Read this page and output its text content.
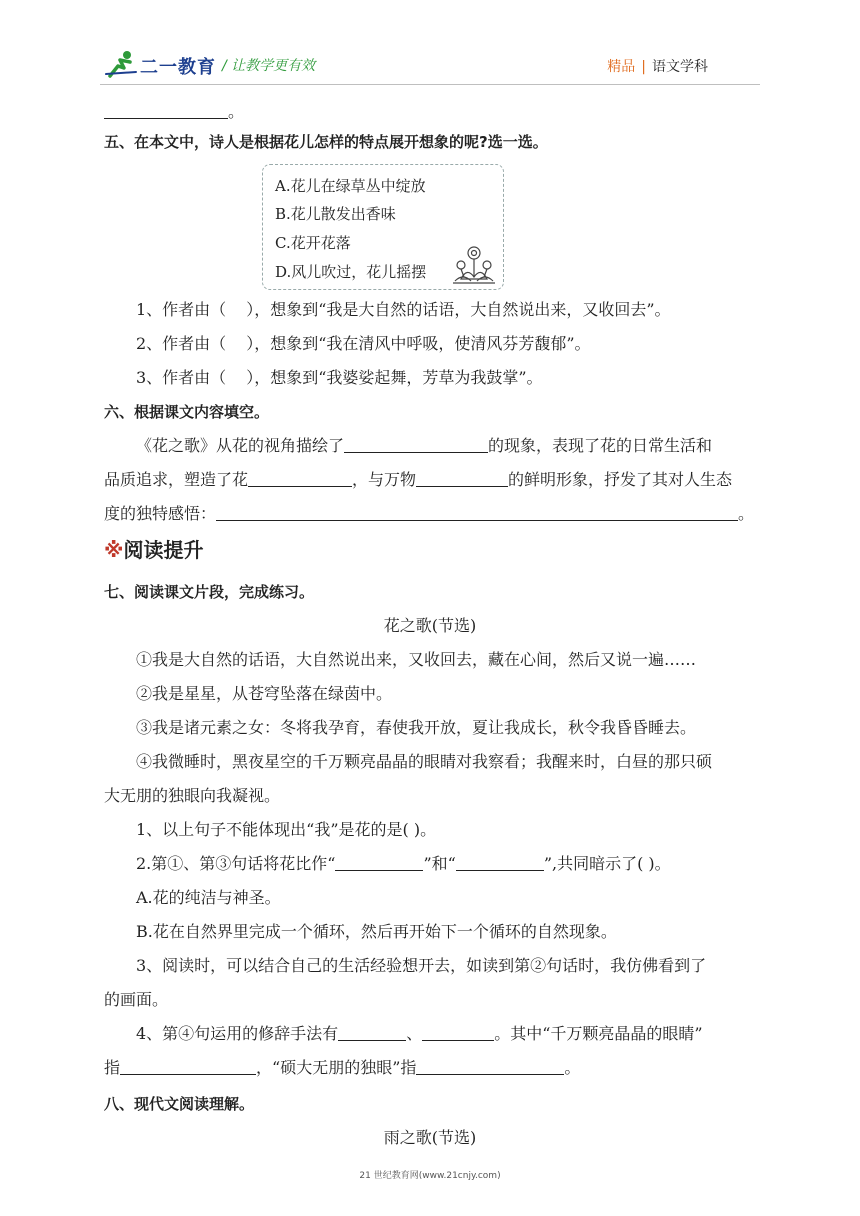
二一教育 / 让教学更有效	精品 | 语文学科
。
五、在本文中，诗人是根据花儿怎样的特点展开想象的呢?选一选。
A.花儿在绿草丛中绽放
B.花儿散发出香味
C.花开花落
D.风儿吹过，花儿摇摆
1、作者由（ ），想象到“我是大自然的话语，大自然说出来，又收回去”。
2、作者由（ ），想象到“我在清风中呼吸，使清风芬芳馥郁”。
3、作者由（ ），想象到“我婆娑起舞，芳草为我鼓掌”。
六、根据课文内容填空。
《花之歌》从花的视角描绘了	的现象，表现了花的日常生活和
品质追求，塑造了花	，与万物	的鲜明形象，抒发了其对人生态
度的独特感悟：	。
※阅读提升
七、阅读课文片段，完成练习。
花之歌(节选)
①我是大自然的话语，大自然说出来，又收回去，藏在心间，然后又说一遍……
②我是星星，从苍穹坠落在绿茵中。
③我是诸元素之女：冬将我孕育，春使我开放，夏让我成长，秋令我昏昏睡去。
④我微睡时，黑夜星空的千万颗亮晶晶的眼睛对我察看；我醒来时，白昼的那只硕
大无朋的独眼向我凝视。
1、以上句子不能体现出“我”是花的是( )。
2.第①、第③句话将花比作“	”和“	”,共同暗示了( )。
A.花的纯洁与神圣。
B.花在自然界里完成一个循环，然后再开始下一个循环的自然现象。
3、阅读时，可以结合自己的生活经验想开去，如读到第②句话时，我仿佛看到了
的画面。
4、第④句运用的修辞手法有	、	。其中“千万颗亮晶晶的眼睛”
指	，“硕大无朋的独眼”指	。
八、现代文阅读理解。
雨之歌(节选)
21 世纪教育网(www.21cnjy.com)
